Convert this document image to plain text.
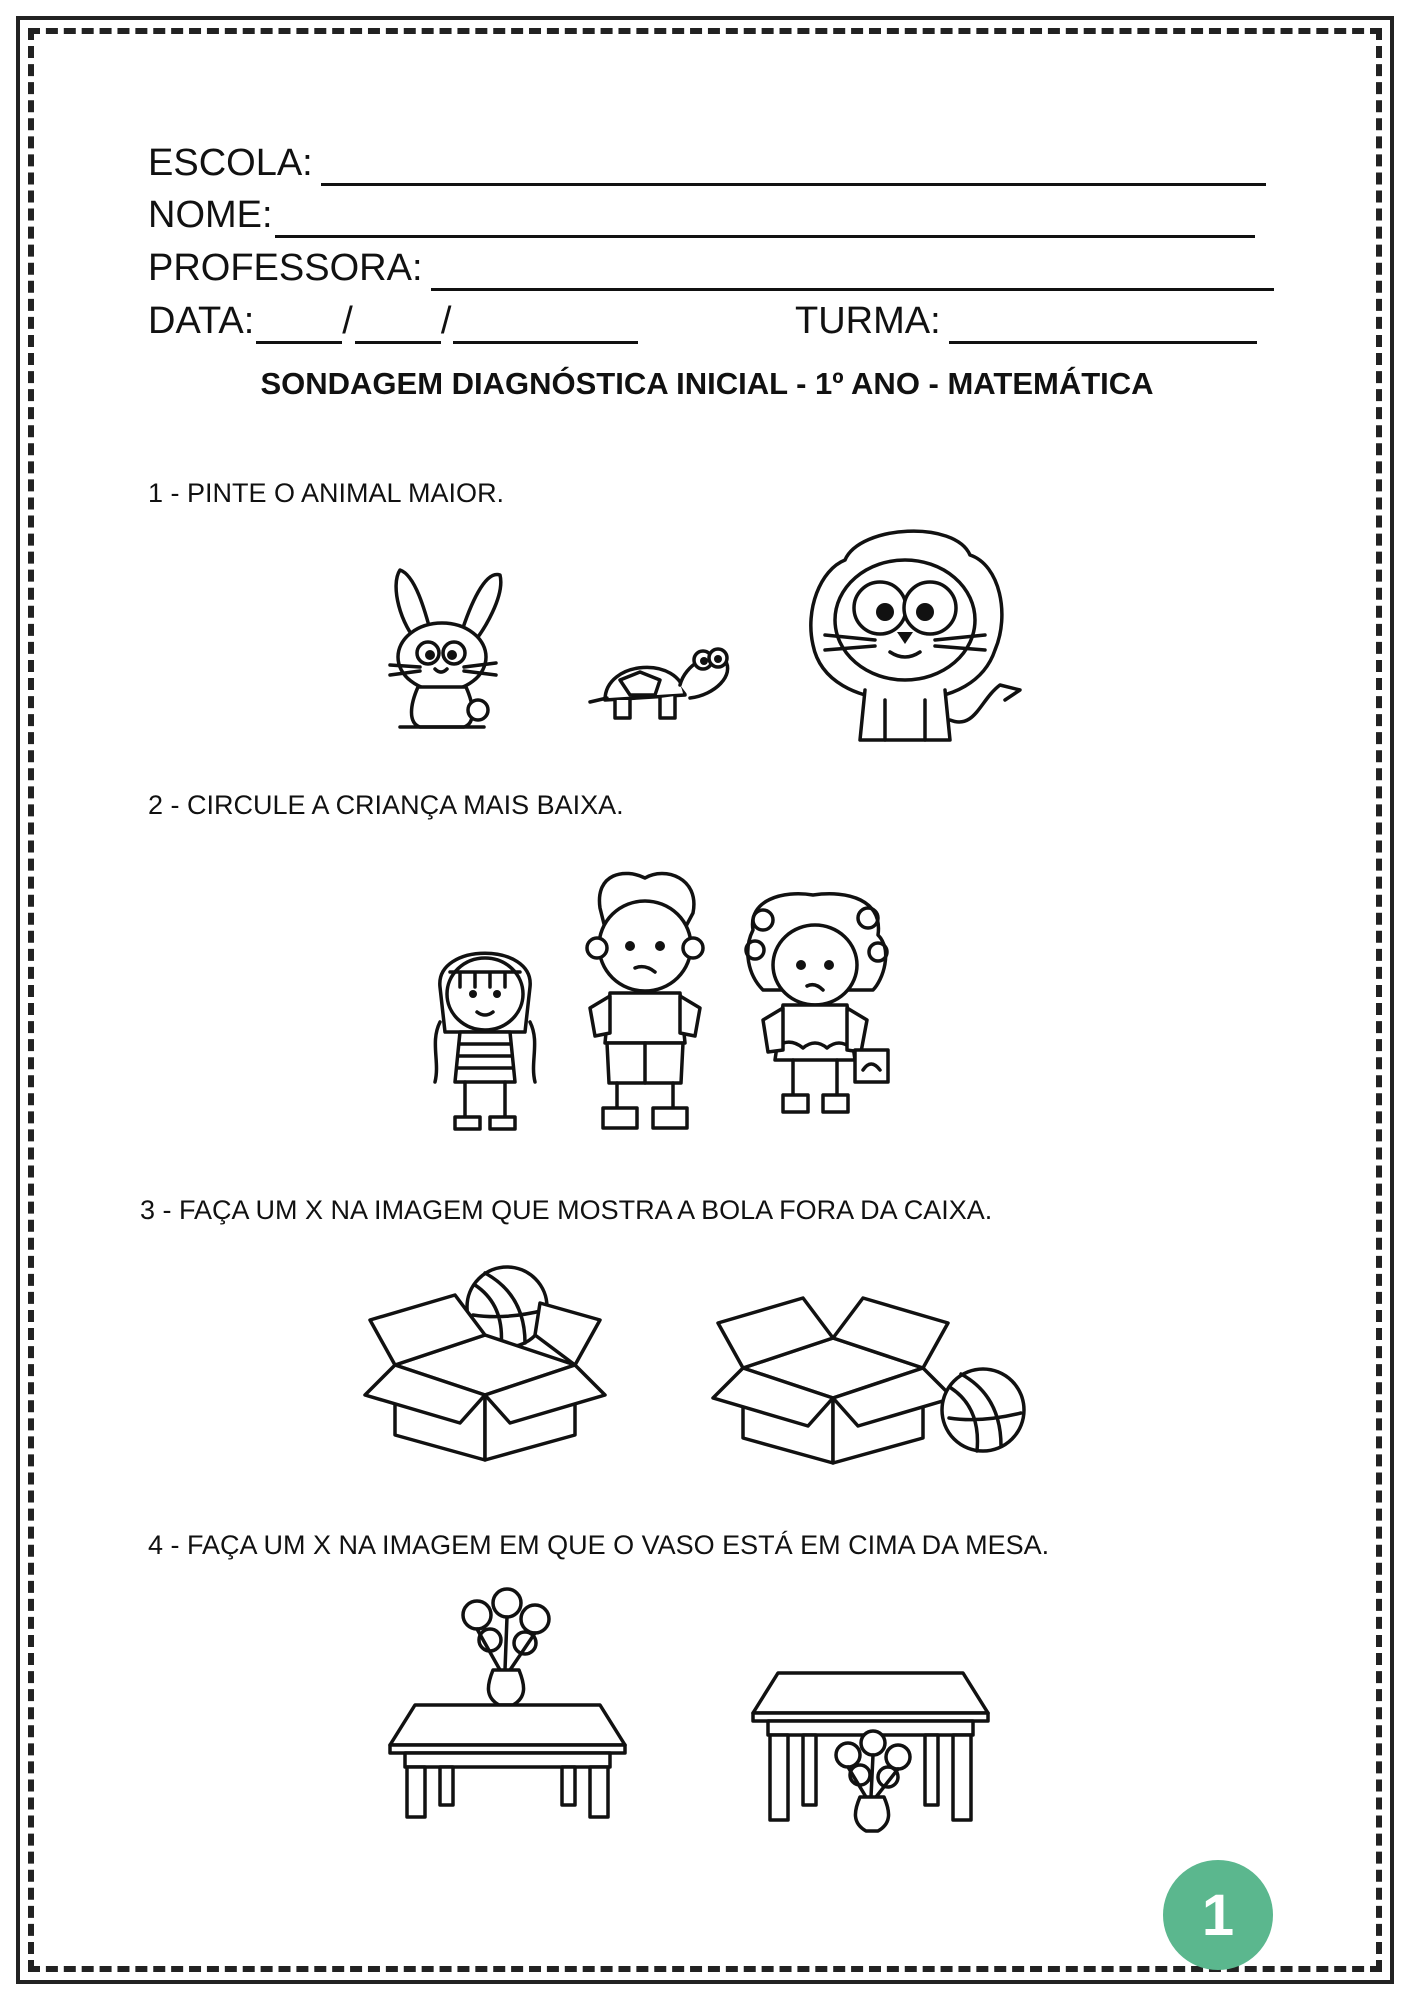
ESCOLA:
NOME:
PROFESSORA:
DATA: / /	TURMA:
SONDAGEM DIAGNÓSTICA INICIAL - 1º ANO - MATEMÁTICA
1 - PINTE O ANIMAL MAIOR.
2 - CIRCULE A CRIANÇA MAIS BAIXA.
3 - FAÇA UM X NA IMAGEM QUE MOSTRA A BOLA FORA DA CAIXA.
4 - FAÇA UM X NA IMAGEM EM QUE O VASO ESTÁ EM CIMA DA MESA.
1
